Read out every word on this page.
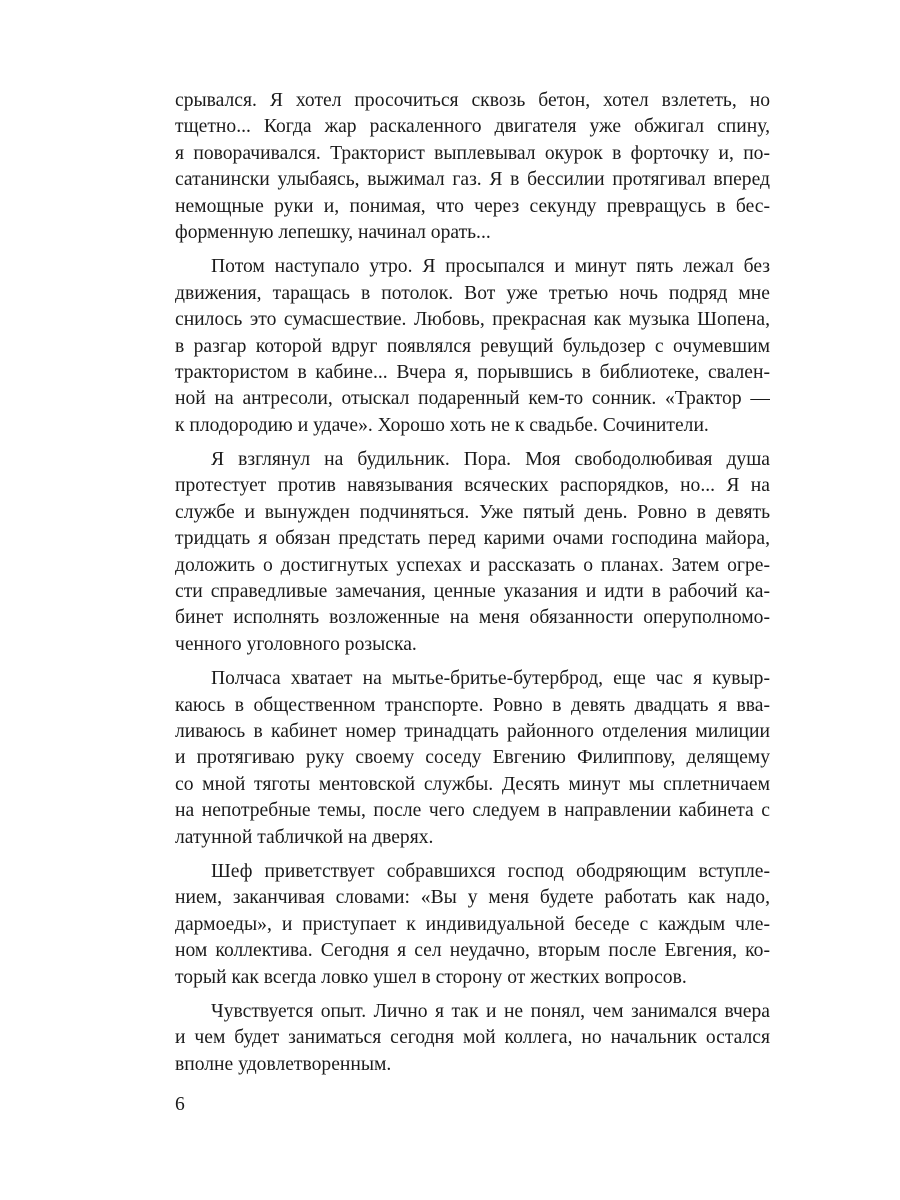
срывался. Я хотел просочиться сквозь бетон, хотел взлететь, но
тщетно... Когда жар раскаленного двигателя уже обжигал спину,
я поворачивался. Тракторист выплевывал окурок в форточку и, по-
сатанински улыбаясь, выжимал газ. Я в бессилии протягивал вперед
немощные руки и, понимая, что через секунду превращусь в бес-
форменную лепешку, начинал орать...
Потом наступало утро. Я просыпался и минут пять лежал без
движения, таращась в потолок. Вот уже третью ночь подряд мне
снилось это сумасшествие. Любовь, прекрасная как музыка Шопена,
в разгар которой вдруг появлялся ревущий бульдозер с очумевшим
трактористом в кабине... Вчера я, порывшись в библиотеке, свален-
ной на антресоли, отыскал подаренный кем-то сонник. «Трактор —
к плодородию и удаче». Хорошо хоть не к свадьбе. Сочинители.
Я взглянул на будильник. Пора. Моя свободолюбивая душа
протестует против навязывания всяческих распорядков, но... Я на
службе и вынужден подчиняться. Уже пятый день. Ровно в девять
тридцать я обязан предстать перед карими очами господина майора,
доложить о достигнутых успехах и рассказать о планах. Затем огре-
сти справедливые замечания, ценные указания и идти в рабочий ка-
бинет исполнять возложенные на меня обязанности оперуполномо-
ченного уголовного розыска.
Полчаса хватает на мытье-бритье-бутерброд, еще час я кувыр-
каюсь в общественном транспорте. Ровно в девять двадцать я вва-
ливаюсь в кабинет номер тринадцать районного отделения милиции
и протягиваю руку своему соседу Евгению Филиппову, делящему
со мной тяготы ментовской службы. Десять минут мы сплетничаем
на непотребные темы, после чего следуем в направлении кабинета с
латунной табличкой на дверях.
Шеф приветствует собравшихся господ ободряющим вступле-
нием, заканчивая словами: «Вы у меня будете работать как надо,
дармоеды», и приступает к индивидуальной беседе с каждым чле-
ном коллектива. Сегодня я сел неудачно, вторым после Евгения, ко-
торый как всегда ловко ушел в сторону от жестких вопросов.
Чувствуется опыт. Лично я так и не понял, чем занимался вчера
и чем будет заниматься сегодня мой коллега, но начальник остался
вполне удовлетворенным.
6
